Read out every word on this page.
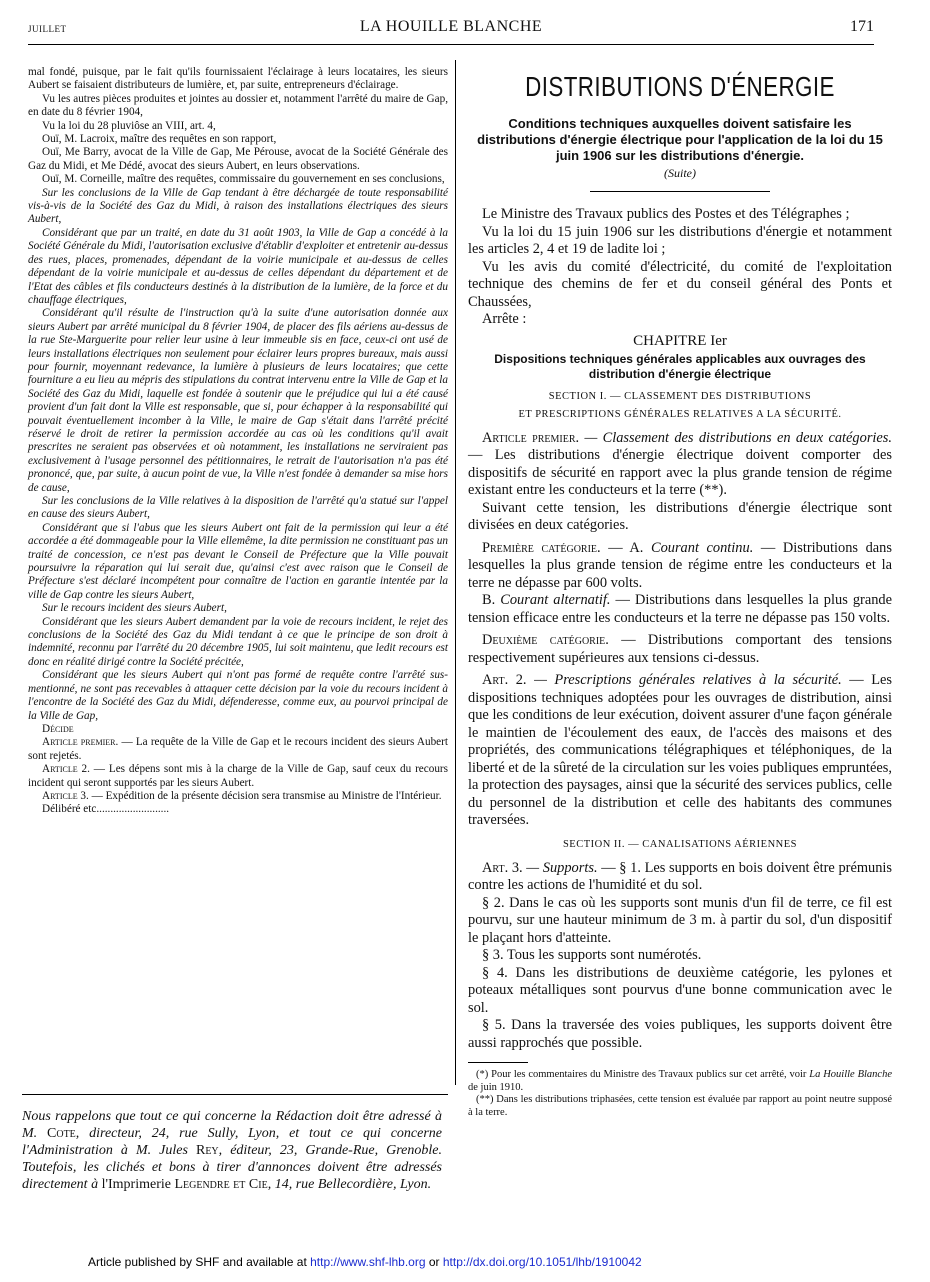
JUILLET	LA HOUILLE BLANCHE	171

mal fondé, puisque, par le fait qu'ils fournissaient l'éclairage à leurs locataires, les sieurs Aubert se faisaient distributeurs de lumière, et, par suite, entrepreneurs d'éclairage.

Vu les autres pièces produites et jointes au dossier et, notamment l'arrêté du maire de Gap, en date du 8 février 1904,

Vu la loi du 28 pluviôse an VIII, art. 4,

Ouï, M. Lacroix, maître des requêtes en son rapport,

Ouï, Me Barry, avocat de la Ville de Gap, Me Pérouse, avocat de la Société Générale des Gaz du Midi, et Me Dédé, avocat des sieurs Aubert, en leurs observations.

Ouï, M. Corneille, maître des requêtes, commissaire du gouvernement en ses conclusions,

Sur les conclusions de la Ville de Gap tendant à être déchargée de toute responsabilité vis-à-vis de la Société des Gaz du Midi, à raison des installations électriques des sieurs Aubert,

Considérant que par un traité, en date du 31 août 1903, la Ville de Gap a concédé à la Société Générale du Midi, l'autorisation exclusive d'établir d'exploiter et entretenir au-dessus des rues, places, promenades, dépendant de la voirie municipale et au-dessus de celles dépendant de la voirie municipale et au-dessus de celles dépendant du département et de l'Etat des câbles et fils conducteurs destinés à la distribution de la lumière, de la force et du chauffage électriques,

Considérant qu'il résulte de l'instruction qu'à la suite d'une autorisation donnée aux sieurs Aubert par arrêté municipal du 8 février 1904, de placer des fils aériens au-dessus de la rue Ste-Marguerite pour relier leur usine à leur immeuble sis en face, ceux-ci ont usé de leurs installations électriques non seulement pour éclairer leurs propres bureaux, mais aussi pour fournir, moyennant redevance, la lumière à plusieurs de leurs locataires; que cette fourniture a eu lieu au mépris des stipulations du contrat intervenu entre la Ville de Gap et la Société des Gaz du Midi, laquelle est fondée à soutenir que le préjudice qui lui a été causé provient d'un fait dont la Ville est responsable, que si, pour échapper à la responsabilité qui pouvait éventuellement incomber à la Ville, le maire de Gap s'était dans l'arrêté précité réservé le droit de retirer la permission accordée au cas où les conditions qu'il avait prescrites ne seraient pas observées et où notamment, les installations ne serviraient pas exclusivement à l'usage personnel des pétitionnaires, le retrait de l'autorisation n'a pas été prononcé, que, par suite, à aucun point de vue, la Ville n'est fondée à demander sa mise hors de cause,

Sur les conclusions de la Ville relatives à la disposition de l'arrêté qu'a statué sur l'appel en cause des sieurs Aubert,

Considérant que si l'abus que les sieurs Aubert ont fait de la permission qui leur a été accordée a été dommageable pour la Ville ellemême, la dite permission ne constituant pas un traité de concession, ce n'est pas devant le Conseil de Préfecture que la Ville pouvait poursuivre la réparation qui lui serait due, qu'ainsi c'est avec raison que le Conseil de Préfecture s'est déclaré incompétent pour connaître de l'action en garantie intentée par la ville de Gap contre les sieurs Aubert,

Sur le recours incident des sieurs Aubert,

Considérant que les sieurs Aubert demandent par la voie de recours incident, le rejet des conclusions de la Société des Gaz du Midi tendant à ce que le principe de son droit à indemnité, reconnu par l'arrêté du 20 décembre 1905, lui soit maintenu, que ledit recours est donc en réalité dirigé contre la Société précitée,

Considérant que les sieurs Aubert qui n'ont pas formé de requête contre l'arrêté sus-mentionné, ne sont pas recevables à attaquer cette décision par la voie du recours incident à l'encontre de la Société des Gaz du Midi, défenderesse, comme eux, au pourvoi principal de la Ville de Gap,

Décide

Article premier. — La requête de la Ville de Gap et le recours incident des sieurs Aubert sont rejetés.

Article 2. — Les dépens sont mis à la charge de la Ville de Gap, sauf ceux du recours incident qui seront supportés par les sieurs Aubert.

Article 3. — Expédition de la présente décision sera transmise au Ministre de l'Intérieur.

Délibéré etc..........................

Nous rappelons que tout ce qui concerne la Rédaction doit être adressé à M. Cote, directeur, 24, rue Sully, Lyon, et tout ce qui concerne l'Administration à M. Jules Rey, éditeur, 23, Grande-Rue, Grenoble. Toutefois, les clichés et bons à tirer d'annonces doivent être adressés directement à l'Imprimerie Legendre et Cie, 14, rue Bellecordière, Lyon.
DISTRIBUTIONS D'ÉNERGIE

Conditions techniques auxquelles doivent satisfaire les distributions d'énergie électrique pour l'application de la loi du 15 juin 1906 sur les distributions d'énergie.

(Suite)

Le Ministre des Travaux publics des Postes et des Télégraphes ;

Vu la loi du 15 juin 1906 sur les distributions d'énergie et notamment les articles 2, 4 et 19 de ladite loi ;

Vu les avis du comité d'électricité, du comité de l'exploitation technique des chemins de fer et du conseil général des Ponts et Chaussées,

Arrête :

CHAPITRE Ier

Dispositions techniques générales applicables aux ouvrages des distribution d'énergie électrique

SECTION I. — CLASSEMENT DES DISTRIBUTIONS
ET PRESCRIPTIONS GÉNÉRALES RELATIVES A LA SÉCURITÉ.

Article premier. — Classement des distributions en deux catégories. — Les distributions d'énergie électrique doivent comporter des dispositifs de sécurité en rapport avec la plus grande tension de régime existant entre les conducteurs et la terre (**).

Suivant cette tension, les distributions d'énergie électrique sont divisées en deux catégories.

Première catégorie. — A. Courant continu. — Distributions dans lesquelles la plus grande tension de régime entre les conducteurs et la terre ne dépasse par 600 volts.

B. Courant alternatif. — Distributions dans lesquelles la plus grande tension efficace entre les conducteurs et la terre ne dépasse pas 150 volts.

Deuxième catégorie. — Distributions comportant des tensions respectivement supérieures aux tensions ci-dessus.

Art. 2. — Prescriptions générales relatives à la sécurité. — Les dispositions techniques adoptées pour les ouvrages de distribution, ainsi que les conditions de leur exécution, doivent assurer d'une façon générale le maintien de l'écoulement des eaux, de l'accès des maisons et des propriétés, des communications télégraphiques et téléphoniques, de la liberté et de la sûreté de la circulation sur les voies publiques empruntées, la protection des paysages, ainsi que la sécurité des services publics, celle du personnel de la distribution et celle des habitants des communes traversées.

SECTION II. — CANALISATIONS AÉRIENNES

Art. 3. — Supports. — § 1. Les supports en bois doivent être prémunis contre les actions de l'humidité et du sol.

§ 2. Dans le cas où les supports sont munis d'un fil de terre, ce fil est pourvu, sur une hauteur minimum de 3 m. à partir du sol, d'un dispositif le plaçant hors d'atteinte.

§ 3. Tous les supports sont numérotés.

§ 4. Dans les distributions de deuxième catégorie, les pylones et poteaux métalliques sont pourvus d'une bonne communication avec le sol.

§ 5. Dans la traversée des voies publiques, les supports doivent être aussi rapprochés que possible.

(*) Pour les commentaires du Ministre des Travaux publics sur cet arrêté, voir La Houille Blanche de juin 1910.

(**) Dans les distributions triphasées, cette tension est évaluée par rapport au point neutre supposé à la terre.

Article published by SHF and available at http://www.shf-lhb.org or http://dx.doi.org/10.1051/lhb/1910042
